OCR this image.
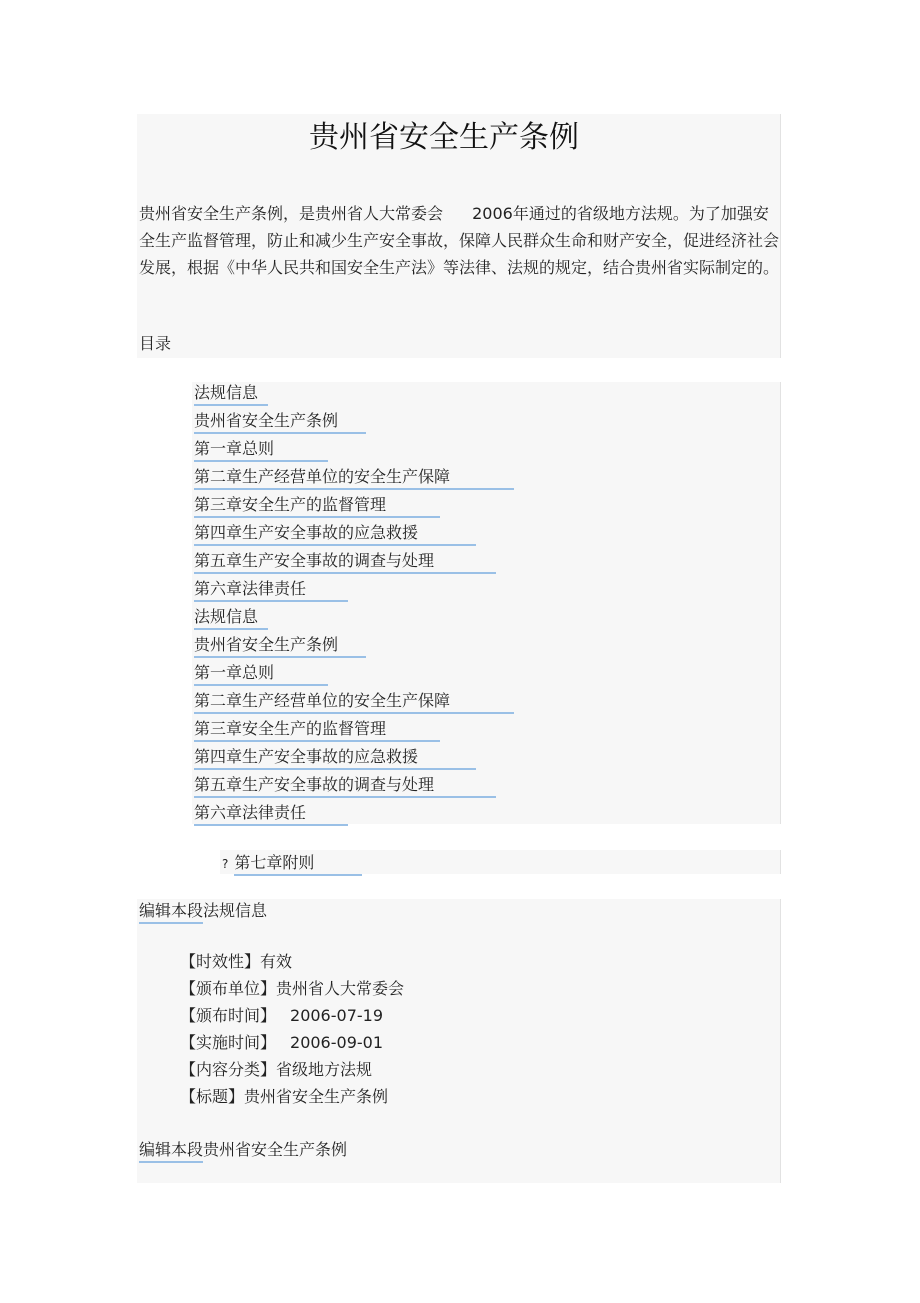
贵州省安全生产条例

贵州省安全生产条例，是贵州省人大常委会 2006年通过的省级地方法规。为了加强安全生产监督管理，防止和减少生产安全事故，保障人民群众生命和财产安全，促进经济社会发展，根据《中华人民共和国安全生产法》等法律、法规的规定，结合贵州省实际制定的。

目录

法规信息
贵州省安全生产条例
第一章总则
第二章生产经营单位的安全生产保障
第三章安全生产的监督管理
第四章生产安全事故的应急救援
第五章生产安全事故的调查与处理
第六章法律责任
法规信息
贵州省安全生产条例
第一章总则
第二章生产经营单位的安全生产保障
第三章安全生产的监督管理
第四章生产安全事故的应急救援
第五章生产安全事故的调查与处理
第六章法律责任
? 第七章附则
编辑本段法规信息
【时效性】有效
【颁布单位】贵州省人大常委会
【颁布时间】 2006-07-19
【实施时间】 2006-09-01
【内容分类】省级地方法规
【标题】贵州省安全生产条例
编辑本段贵州省安全生产条例
